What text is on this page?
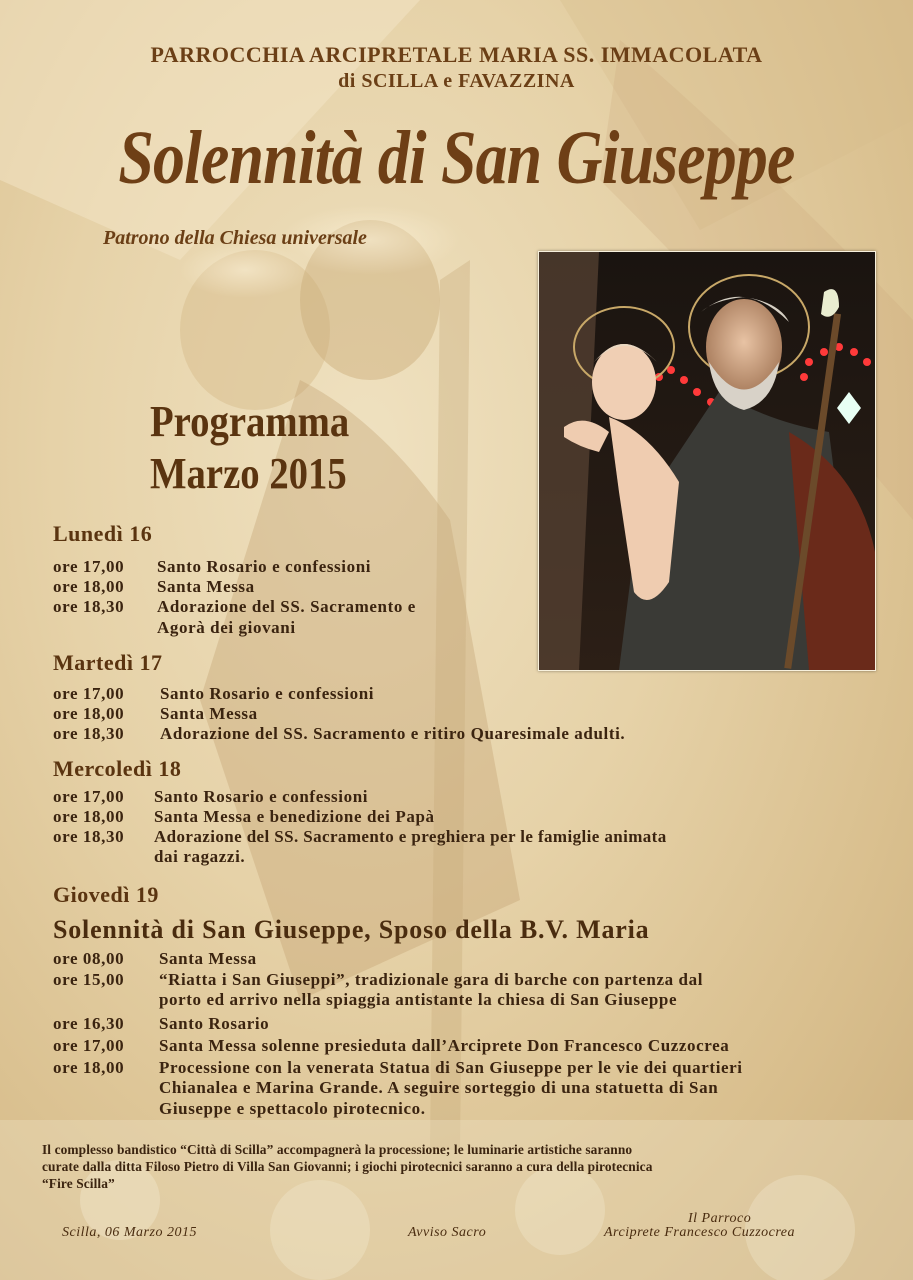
PARROCCHIA ARCIPRETALE MARIA SS. IMMACOLATA
di SCILLA e FAVAZZINA
Solennità di San Giuseppe
Patrono della Chiesa universale
Programma
Marzo 2015
Lunedì 16
ore 17,00 Santo Rosario e confessioni
ore 18,00 Santa Messa
ore 18,30 Adorazione del SS. Sacramento e
Agorà dei giovani
Martedì 17
ore 17,00 Santo Rosario e confessioni
ore 18,00 Santa Messa
ore 18,30 Adorazione del SS. Sacramento e ritiro Quaresimale adulti.
Mercoledì 18
ore 17,00 Santo Rosario e confessioni
ore 18,00 Santa Messa e benedizione dei Papà
ore 18,30 Adorazione del SS. Sacramento e preghiera per le famiglie animata
dai ragazzi.
Giovedì 19
Solennità di San Giuseppe, Sposo della B.V. Maria
ore 08,00 Santa Messa
ore 15,00 “Riatta i San Giuseppi”, tradizionale gara di barche con partenza dal
porto ed arrivo nella spiaggia antistante la chiesa di San Giuseppe
ore 16,30 Santo Rosario
ore 17,00 Santa Messa solenne presieduta dall’Arciprete Don Francesco Cuzzocrea
ore 18,00 Processione con la venerata Statua di San Giuseppe per le vie dei quartieri
Chianalea e Marina Grande. A seguire sorteggio di una statuetta di San
Giuseppe e spettacolo pirotecnico.
Il complesso bandistico “Città di Scilla” accompagnerà la processione; le luminarie artistiche saranno
curate dalla ditta Filoso Pietro di Villa San Giovanni; i giochi pirotecnici saranno a cura della pirotecnica
“Fire Scilla”
Scilla, 06 Marzo 2015	Avviso Sacro
Il Parroco
Arciprete Francesco Cuzzocrea
